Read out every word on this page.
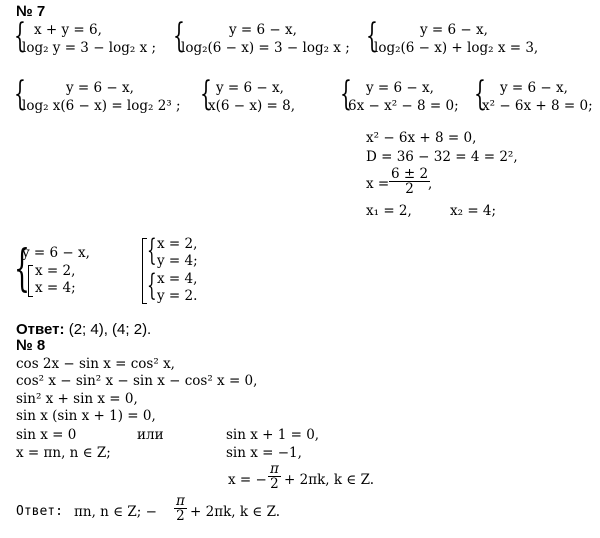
№ 7
{ x + y = 6,
log₂ y = 3 − log₂ x ; {	y = 6 − x,
log₂(6 − x) = 3 − log₂ x ; {	y = 6 − x,
log₂(6 − x) + log₂ x = 3,
{	y = 6 − x,
log₂ x(6 − x) = log₂ 2³ ; { y = 6 − x,
x(6 − x) = 8, { y = 6 − x,
6x − x² − 8 = 0; { y = 6 − x,
x² − 6x + 8 = 0;
x² − 6x + 8 = 0,
D = 36 − 32 = 4 = 2²,
$x = \frac{6 \pm 2}{2}$
,
x₁ = 2,	x₂ = 4;
{
y = 6 − x,
x = 2,
x = 4;
{
{
x = 2,
y = 4;
x = 4,
y = 2.
Ответ: (2; 4), (4; 2).
№ 8
cos 2x − sin x = cos² x,
cos² x − sin² x − sin x − cos² x = 0,
sin² x + sin x = 0,
sin x (sin x + 1) = 0,
sin x = 0	или	sin x + 1 = 0,
x = πn, n ∈ Z;	sin x = −1,
x = − $\frac{\pi}{2} + 2\pi k$, k ∈ Z.
Ответ: πn, n ∈ Z; − $\frac{\pi}{2} + 2\pi k$, k ∈ Z.
